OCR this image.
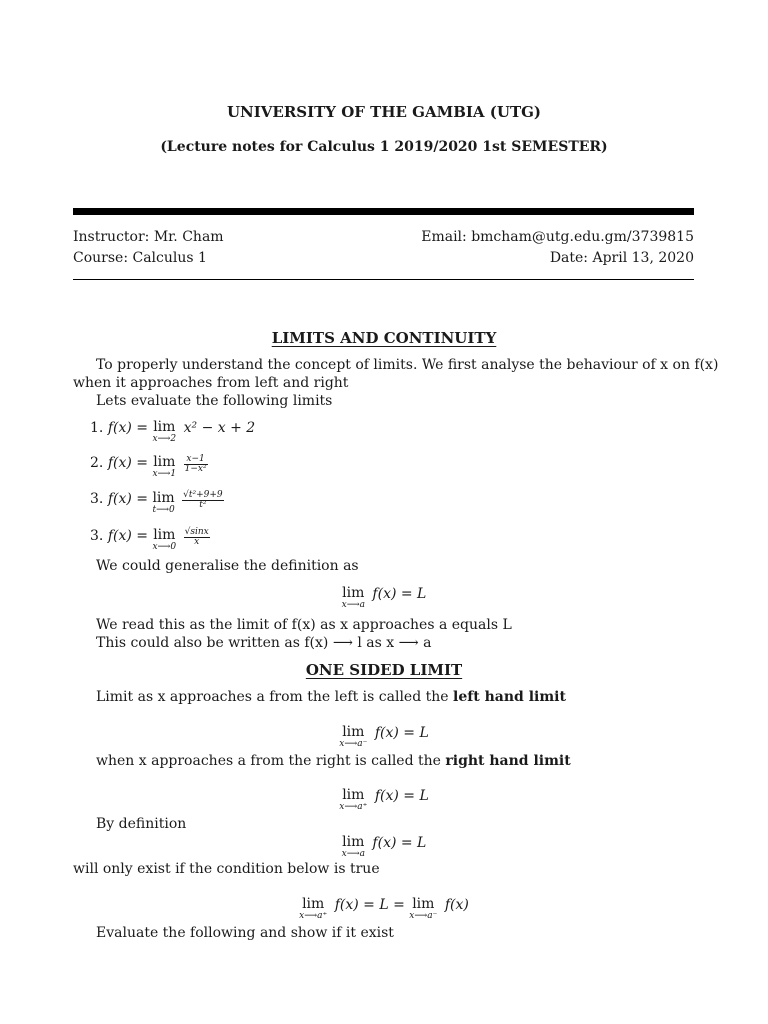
UNIVERSITY OF THE GAMBIA (UTG)
(Lecture notes for Calculus 1 2019/2020 1st SEMESTER)
Instructor: Mr. Cham
Course: Calculus 1
Email: bmcham@utg.edu.gm/3739815
Date: April 13, 2020
LIMITS AND CONTINUITY
To properly understand the concept of limits. We first analyse the behaviour of x on f(x)
when it approaches from left and right
Lets evaluate the following limits
1. f(x) = lim
x⟶2
x² − x + 2
2. f(x) = lim
x⟶1
$\frac{x-1}{\text{1−x²}}$
3. f(x) = lim
t⟶0
$\frac{\text{√t²+9+9}}{\text{t²}}$
3. f(x) = lim
x⟶0
$\frac{√\sin x}{x}$
We could generalise the definition as
lim
x⟶a
f(x) = L
We read this as the limit of f(x) as x approaches a equals L
This could also be written as f(x) ⟶ l as x ⟶ a
ONE SIDED LIMIT
Limit as x approaches a from the left is called the left hand limit
lim
x⟶a⁻
f(x) = L
when x approaches a from the right is called the right hand limit
lim
x⟶a⁺
f(x) = L
By definition
lim
x⟶a
f(x) = L
will only exist if the condition below is true
lim
x⟶a⁺
f(x) = L = lim
x⟶a⁻
f(x)
Evaluate the following and show if it exist
